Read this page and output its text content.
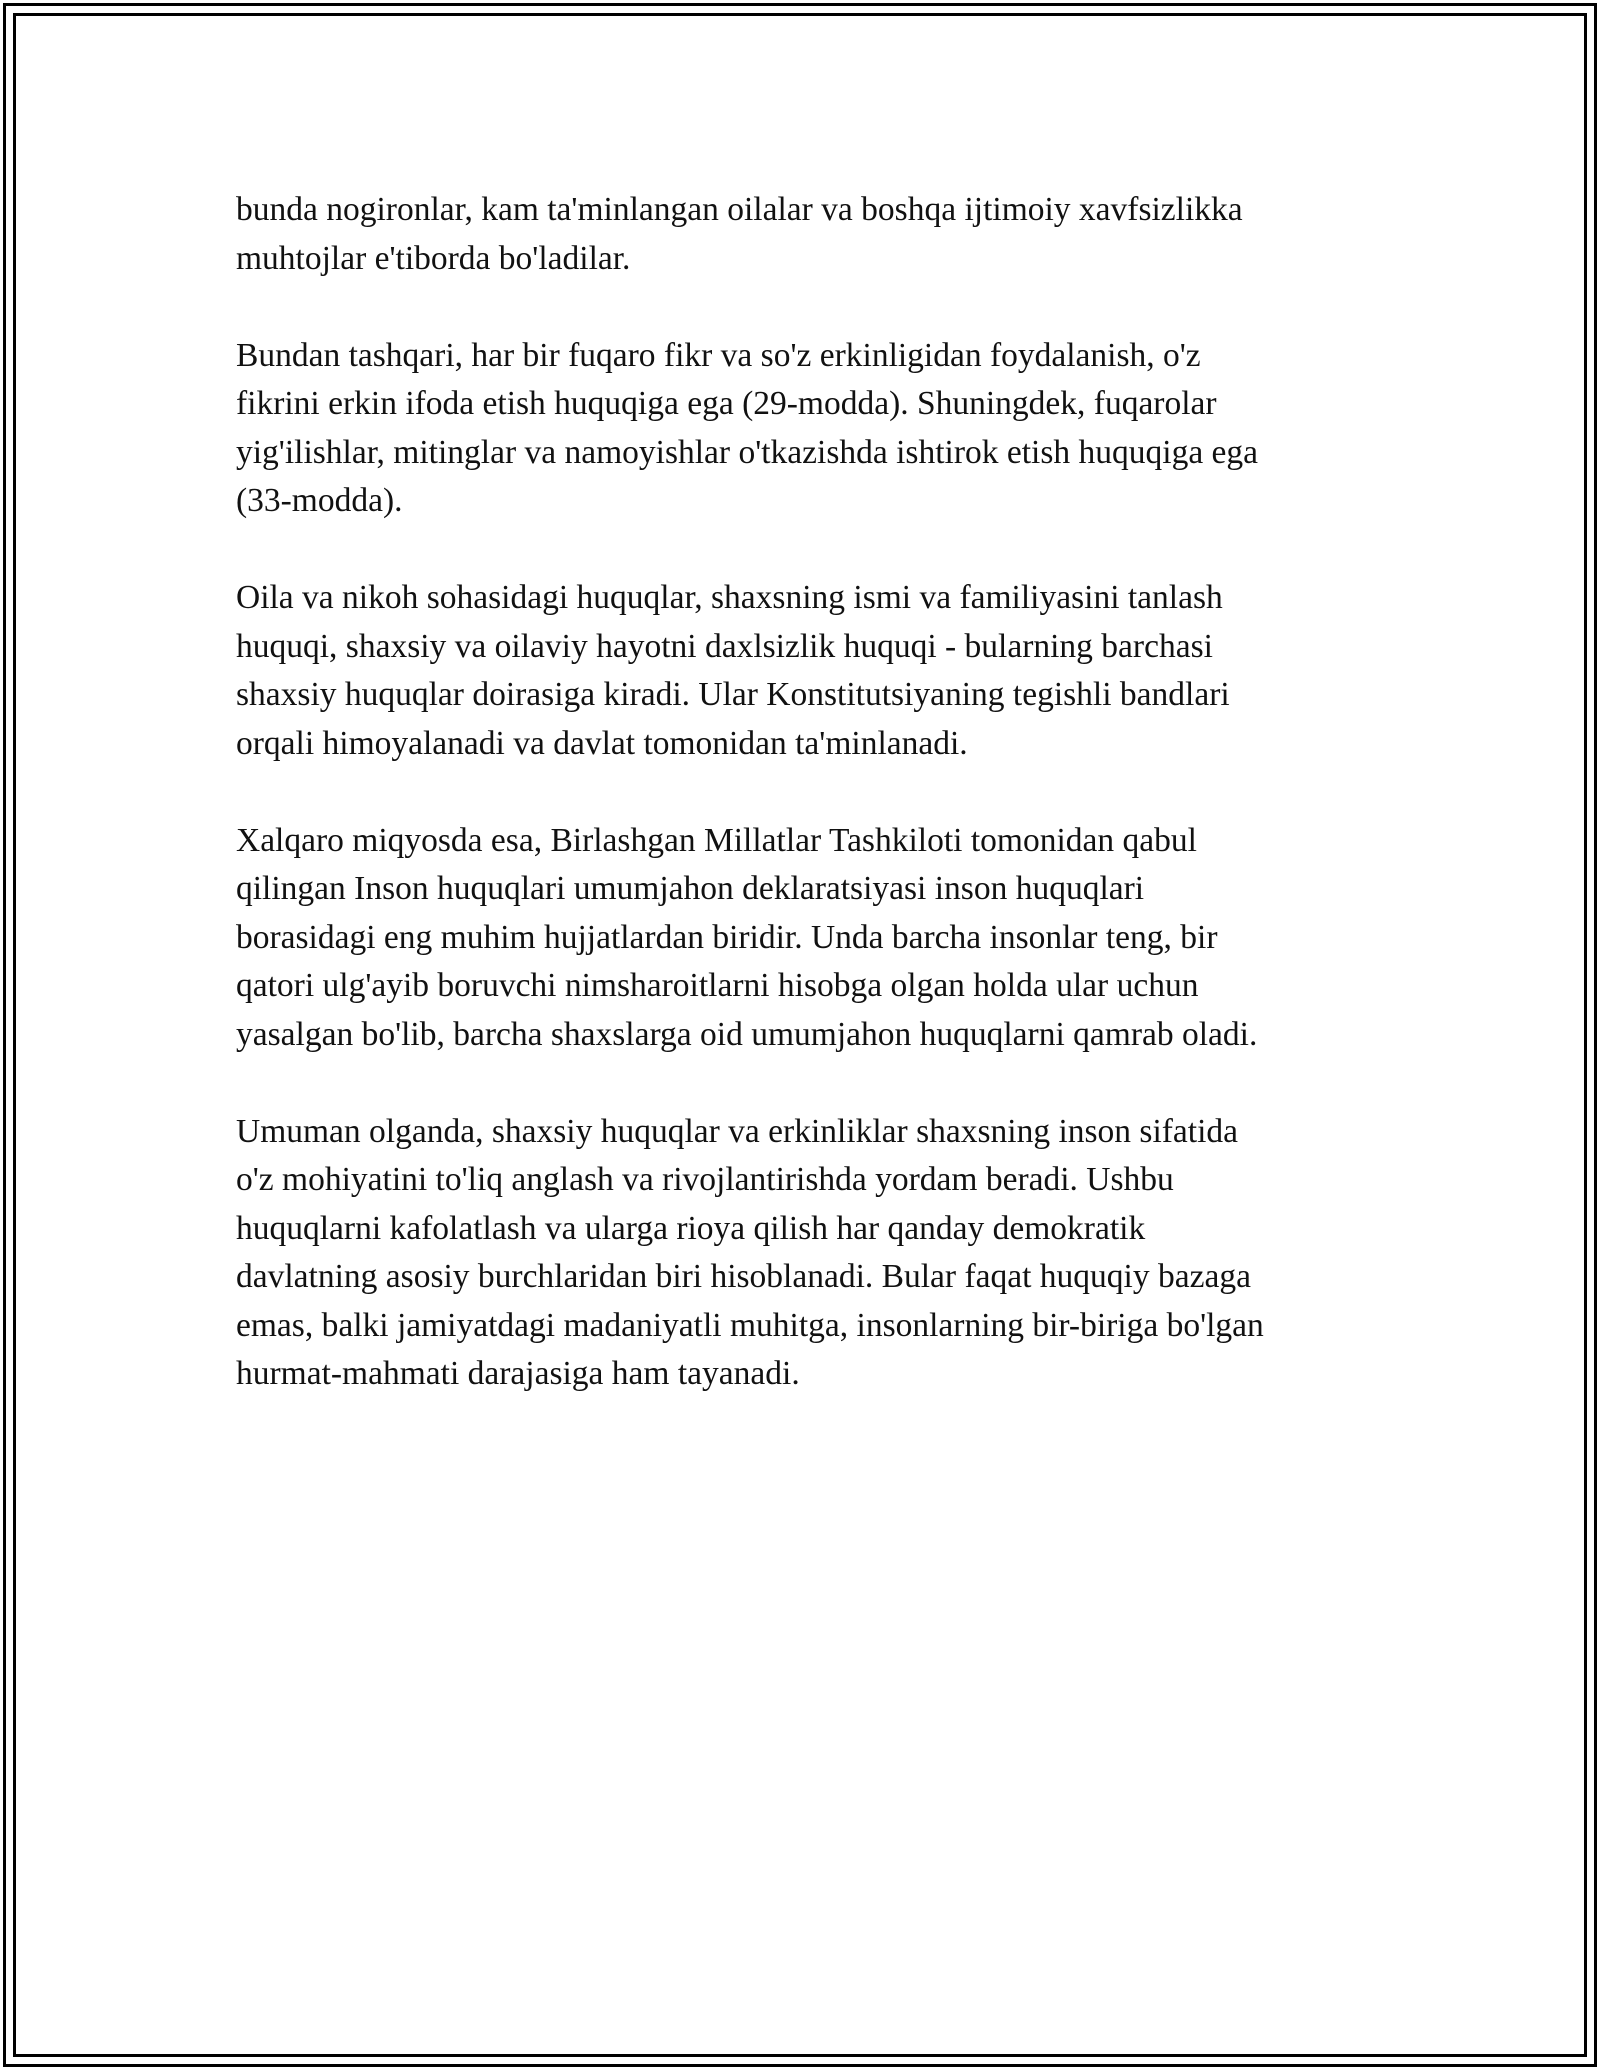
bunda nogironlar, kam ta'minlangan oilalar va boshqa ijtimoiy xavfsizlikka
muhtojlar e'tiborda bo'ladilar.

Bundan tashqari, har bir fuqaro fikr va so'z erkinligidan foydalanish, o'z
fikrini erkin ifoda etish huquqiga ega (29-modda). Shuningdek, fuqarolar
yig'ilishlar, mitinglar va namoyishlar o'tkazishda ishtirok etish huquqiga ega
(33-modda).

Oila va nikoh sohasidagi huquqlar, shaxsning ismi va familiyasini tanlash
huquqi, shaxsiy va oilaviy hayotni daxlsizlik huquqi - bularning barchasi
shaxsiy huquqlar doirasiga kiradi. Ular Konstitutsiyaning tegishli bandlari
orqali himoyalanadi va davlat tomonidan ta'minlanadi.

Xalqaro miqyosda esa, Birlashgan Millatlar Tashkiloti tomonidan qabul
qilingan Inson huquqlari umumjahon deklaratsiyasi inson huquqlari
borasidagi eng muhim hujjatlardan biridir. Unda barcha insonlar teng, bir
qatori ulg'ayib boruvchi nimsharoitlarni hisobga olgan holda ular uchun
yasalgan bo'lib, barcha shaxslarga oid umumjahon huquqlarni qamrab oladi.

Umuman olganda, shaxsiy huquqlar va erkinliklar shaxsning inson sifatida
o'z mohiyatini to'liq anglash va rivojlantirishda yordam beradi. Ushbu
huquqlarni kafolatlash va ularga rioya qilish har qanday demokratik
davlatning asosiy burchlaridan biri hisoblanadi. Bular faqat huquqiy bazaga
emas, balki jamiyatdagi madaniyatli muhitga, insonlarning bir-biriga bo'lgan
hurmat-mahmati darajasiga ham tayanadi.
